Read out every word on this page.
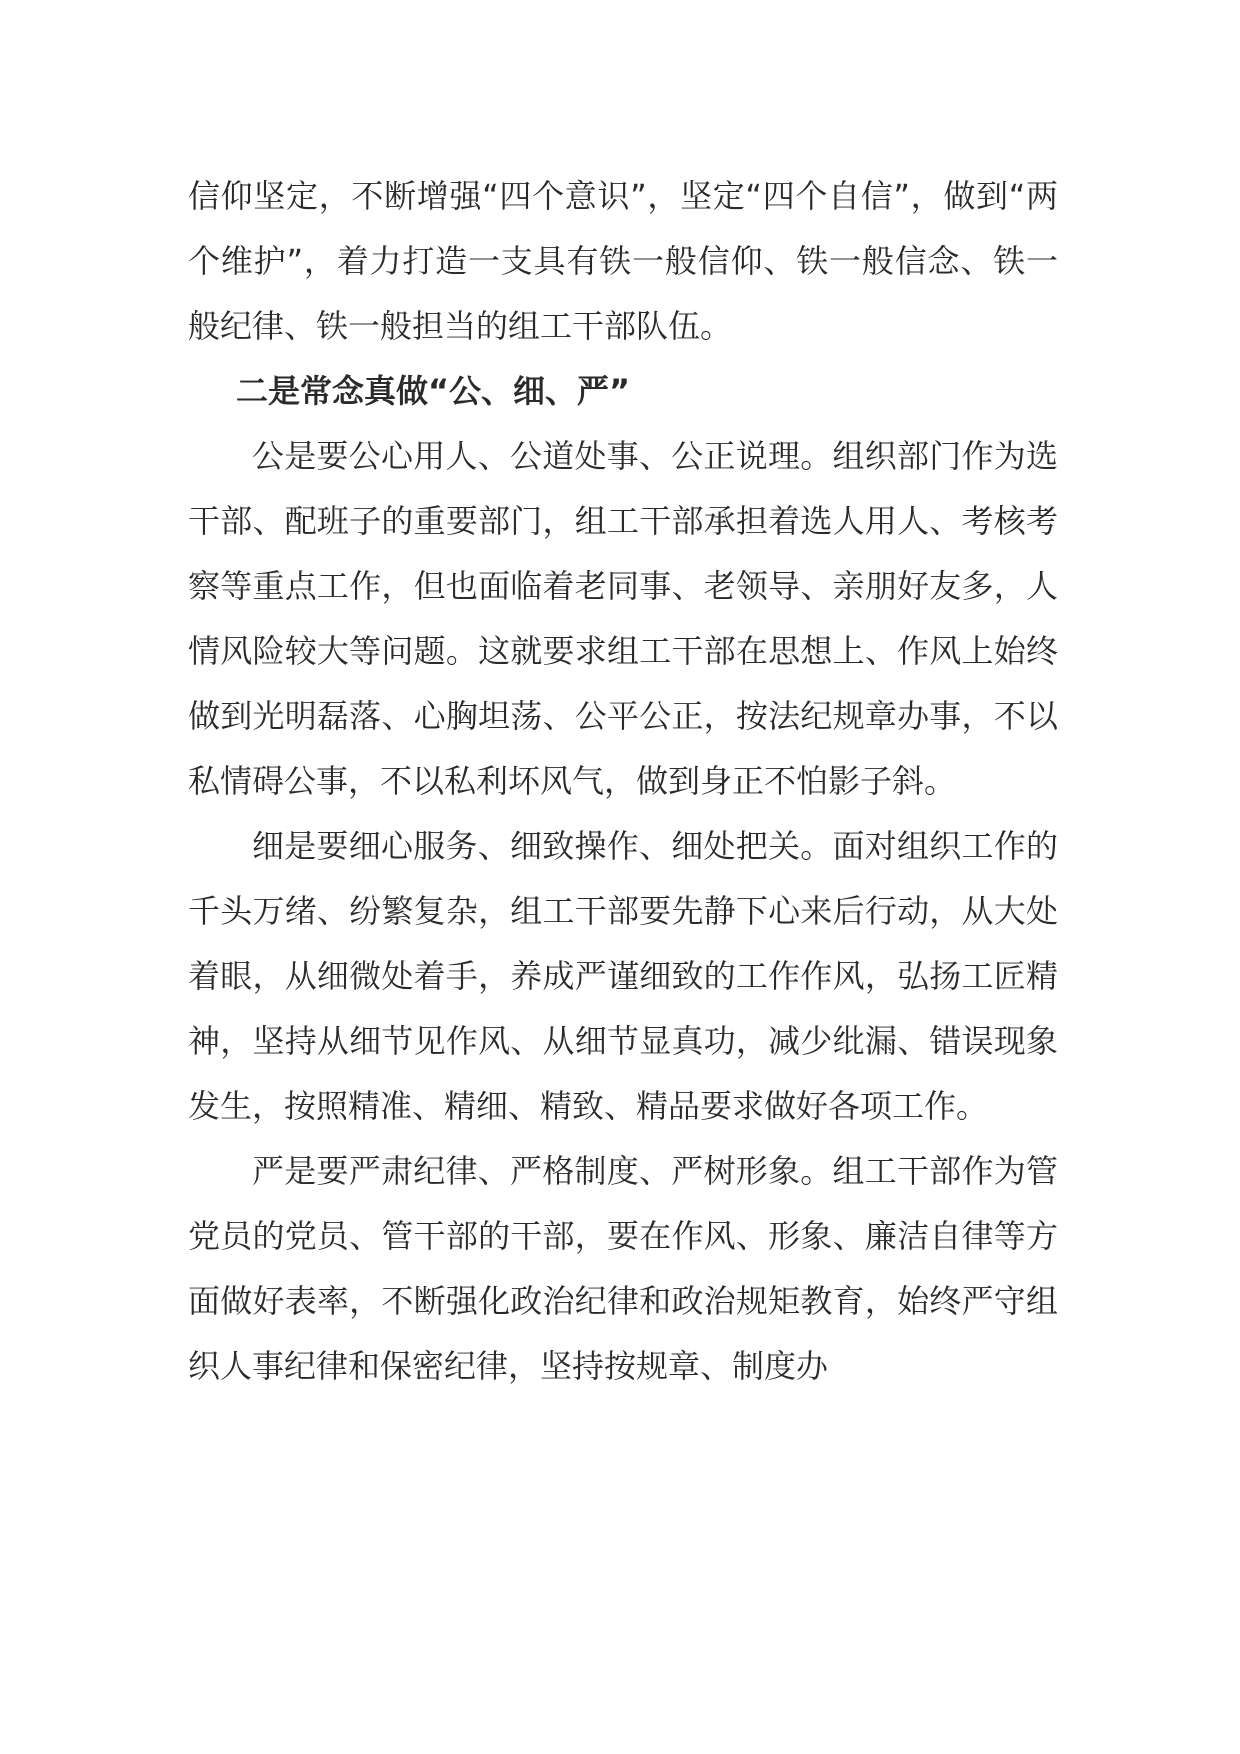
信仰坚定，不断增强“四个意识”，坚定“四个自信”，做到“两个维护”，着力打造一支具有铁一般信仰、铁一般信念、铁一般纪律、铁一般担当的组工干部队伍。

二是常念真做“公、细、严”

公是要公心用人、公道处事、公正说理。组织部门作为选干部、配班子的重要部门，组工干部承担着选人用人、考核考察等重点工作，但也面临着老同事、老领导、亲朋好友多，人情风险较大等问题。这就要求组工干部在思想上、作风上始终做到光明磊落、心胸坦荡、公平公正，按法纪规章办事，不以私情碍公事，不以私利坏风气，做到身正不怕影子斜。

细是要细心服务、细致操作、细处把关。面对组织工作的千头万绪、纷繁复杂，组工干部要先静下心来后行动，从大处着眼，从细微处着手，养成严谨细致的工作作风，弘扬工匠精神，坚持从细节见作风、从细节显真功，减少纰漏、错误现象发生，按照精准、精细、精致、精品要求做好各项工作。

严是要严肃纪律、严格制度、严树形象。组工干部作为管党员的党员、管干部的干部，要在作风、形象、廉洁自律等方面做好表率，不断强化政治纪律和政治规矩教育，始终严守组织人事纪律和保密纪律，坚持按规章、制度办
